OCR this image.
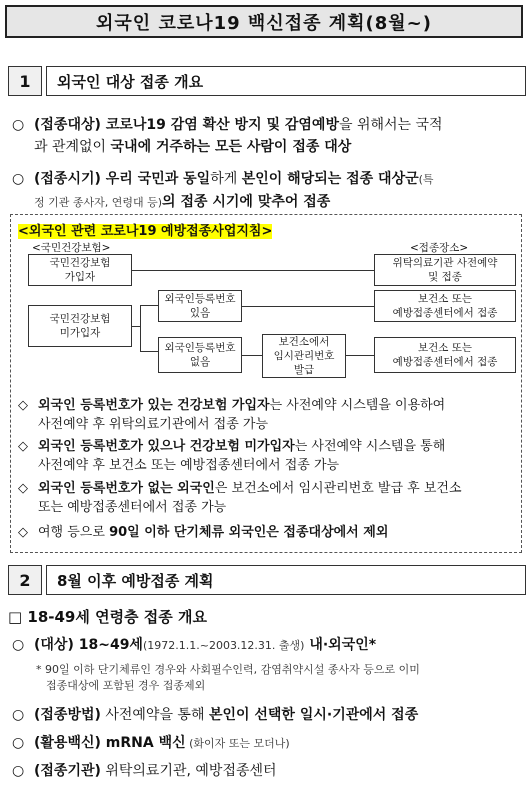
외국인 코로나19 백신접종 계획(8월~)
1 외국인 대상 접종 개요
○ (접종대상) 코로나19 감염 확산 방지 및 감염예방을 위해서는 국적
과 관계없이 국내에 거주하는 모든 사람이 접종 대상
○ (접종시기) 우리 국민과 동일하게 본인이 해당되는 접종 대상군(특
정 기관 종사자, 연령대 등)의 접종 시기에 맞추어 접종
<외국인 관련 코로나19 예방접종사업지침>
<국민건강보험>	<접종장소>
국민건강보험
가입자
위탁의료기관 사전예약
및 접종
국민건강보험
미가입자
외국인등록번호
있음
보건소 또는
예방접종센터에서 접종
외국인등록번호
없음
보건소에서
임시관리번호
발급
보건소 또는
예방접종센터에서 접종
◇ 외국인 등록번호가 있는 건강보험 가입자는 사전예약 시스템을 이용하여
사전예약 후 위탁의료기관에서 접종 가능
◇ 외국인 등록번호가 있으나 건강보험 미가입자는 사전예약 시스템을 통해
사전예약 후 보건소 또는 예방접종센터에서 접종 가능
◇ 외국인 등록번호가 없는 외국인은 보건소에서 임시관리번호 발급 후 보건소
또는 예방접종센터에서 접종 가능
◇ 여행 등으로 90일 이하 단기체류 외국인은 접종대상에서 제외
2 8월 이후 예방접종 계획
□ 18-49세 연령층 접종 개요
○ (대상) 18~49세(1972.1.1.~2003.12.31. 출생) 내·외국인*
* 90일 이하 단기체류인 경우와 사회필수인력, 감염취약시설 종사자 등으로 이미
접종대상에 포함된 경우 접종제외
○ (접종방법) 사전예약을 통해 본인이 선택한 일시·기관에서 접종
○ (활용백신) mRNA 백신 (화이자 또는 모더나)
○ (접종기관) 위탁의료기관, 예방접종센터
